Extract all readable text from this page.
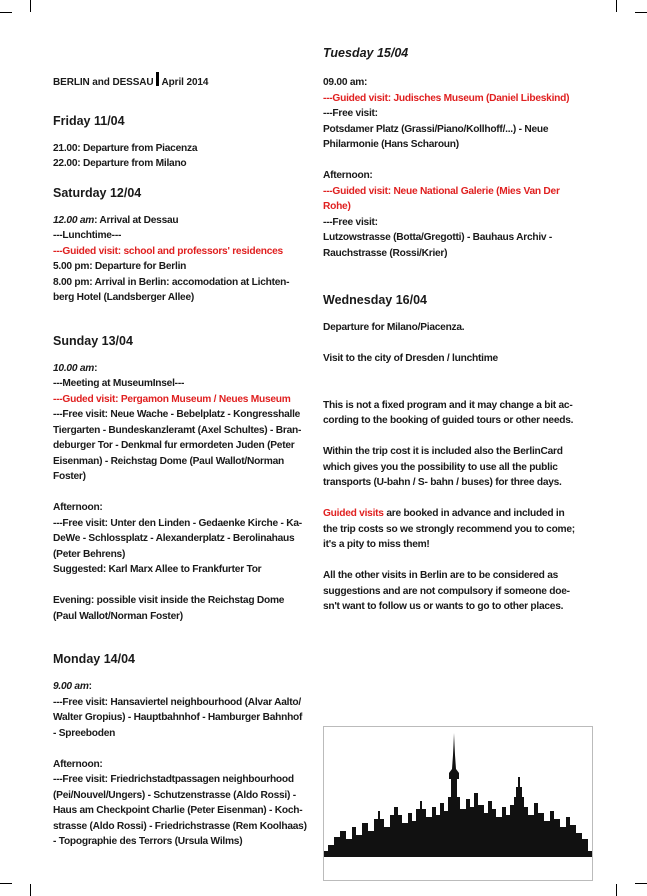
BERLIN and DESSAU April 2014
Friday 11/04
21.00: Departure from Piacenza
22.00: Departure from Milano
Saturday 12/04
12.00 am: Arrival at Dessau
---Lunchtime---
---Guided visit: school and professors' residences
5.00 pm: Departure for Berlin
8.00 pm: Arrival in Berlin: accomodation at Lichten-
berg Hotel (Landsberger Allee)
Sunday 13/04
10.00 am:
---Meeting at MuseumInsel---
---Guded visit: Pergamon Museum / Neues Museum
---Free visit: Neue Wache - Bebelplatz - Kongresshalle
Tiergarten - Bundeskanzleramt (Axel Schultes) - Bran-
deburger Tor - Denkmal fur ermordeten Juden (Peter
Eisenman) - Reichstag Dome (Paul Wallot/Norman
Foster)
Afternoon:
---Free visit: Unter den Linden - Gedaenke Kirche - Ka-
DeWe - Schlossplatz - Alexanderplatz - Berolinahaus
(Peter Behrens)
Suggested: Karl Marx Allee to Frankfurter Tor
Evening: possible visit inside the Reichstag Dome
(Paul Wallot/Norman Foster)
Monday 14/04
9.00 am:
---Free visit: Hansaviertel neighbourhood (Alvar Aalto/
Walter Gropius) - Hauptbahnhof - Hamburger Bahnhof
- Spreeboden
Afternoon:
---Free visit: Friedrichstadtpassagen neighbourhood
(Pei/Nouvel/Ungers) - Schutzenstrasse (Aldo Rossi) -
Haus am Checkpoint Charlie (Peter Eisenman) - Koch-
strasse (Aldo Rossi) - Friedrichstrasse (Rem Koolhaas)
- Topographie des Terrors (Ursula Wilms)
Tuesday 15/04
09.00 am:
---Guided visit: Judisches Museum (Daniel Libeskind)
---Free visit:
Potsdamer Platz (Grassi/Piano/Kollhoff/...) - Neue
Philarmonie (Hans Scharoun)
Afternoon:
---Guided visit: Neue National Galerie (Mies Van Der
Rohe)
---Free visit:
Lutzowstrasse (Botta/Gregotti) - Bauhaus Archiv -
Rauchstrasse (Rossi/Krier)
Wednesday 16/04
Departure for Milano/Piacenza.
Visit to the city of Dresden / lunchtime
This is not a fixed program and it may change a bit ac-
cording to the booking of guided tours or other needs.
Within the trip cost it is included also the BerlinCard
which gives you the possibility to use all the public
transports (U-bahn / S- bahn / buses) for three days.
Guided visits are booked in advance and included in
the trip costs so we strongly recommend you to come;
it's a pity to miss them!
All the other visits in Berlin are to be considered as
suggestions and are not compulsory if someone doe-
sn't want to follow us or wants to go to other places.
